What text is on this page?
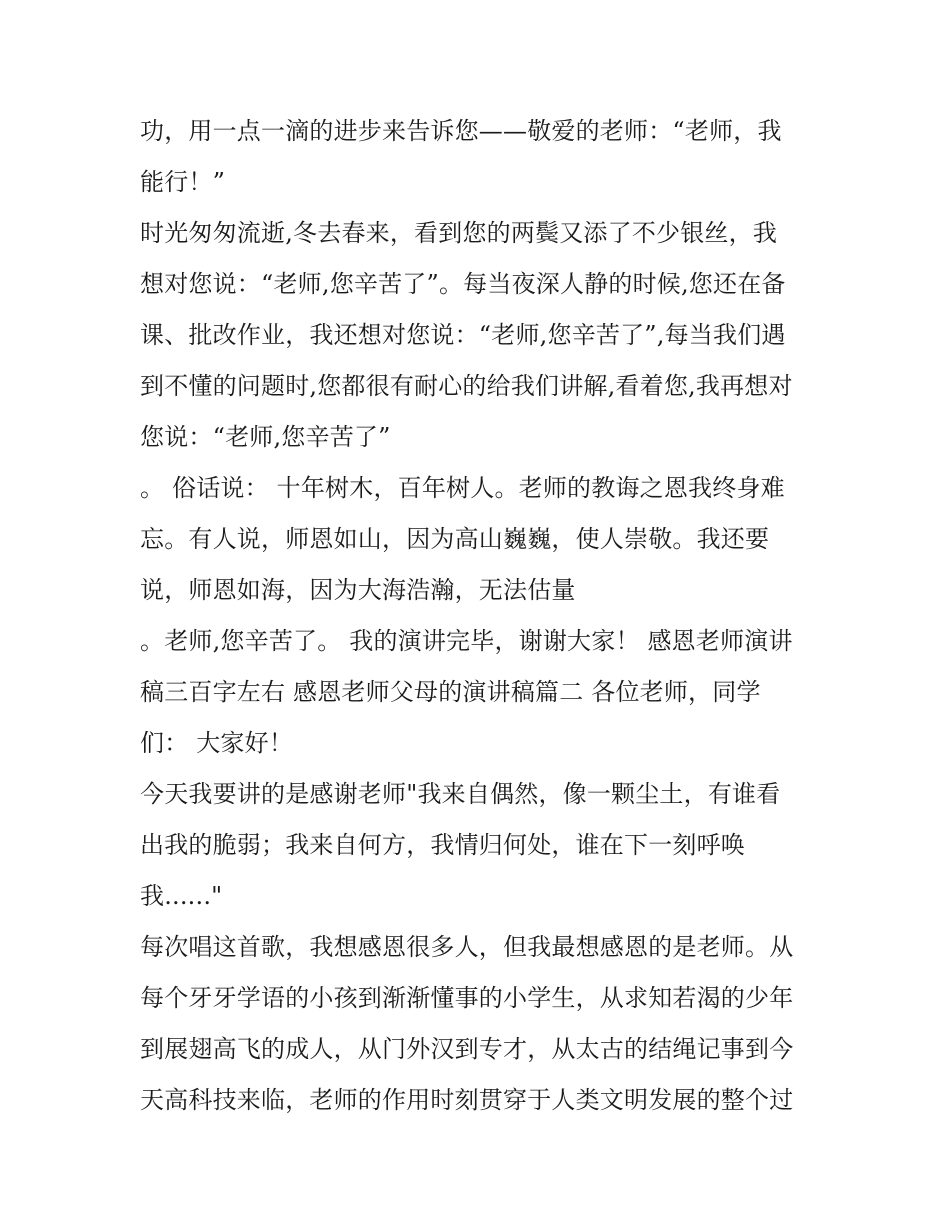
功，用一点一滴的进步来告诉您——敬爱的老师：“老师，我
能行！”
时光匆匆流逝,冬去春来，看到您的两鬓又添了不少银丝，我
想对您说：“老师,您辛苦了”。每当夜深人静的时候,您还在备
课、批改作业，我还想对您说：“老师,您辛苦了”,每当我们遇
到不懂的问题时,您都很有耐心的给我们讲解,看着您,我再想对
您说：“老师,您辛苦了”
。 俗话说： 十年树木，百年树人。老师的教诲之恩我终身难
忘。有人说，师恩如山，因为高山巍巍，使人崇敬。我还要
说，师恩如海，因为大海浩瀚，无法估量
。老师,您辛苦了。 我的演讲完毕，谢谢大家！ 感恩老师演讲
稿三百字左右 感恩老师父母的演讲稿篇二 各位老师，同学
们： 大家好！
今天我要讲的是感谢老师"我来自偶然，像一颗尘土，有谁看
出我的脆弱；我来自何方，我情归何处，谁在下一刻呼唤
我......"
每次唱这首歌，我想感恩很多人，但我最想感恩的是老师。从
每个牙牙学语的小孩到渐渐懂事的小学生，从求知若渴的少年
到展翅高飞的成人，从门外汉到专才，从太古的结绳记事到今
天高科技来临，老师的作用时刻贯穿于人类文明发展的整个过
